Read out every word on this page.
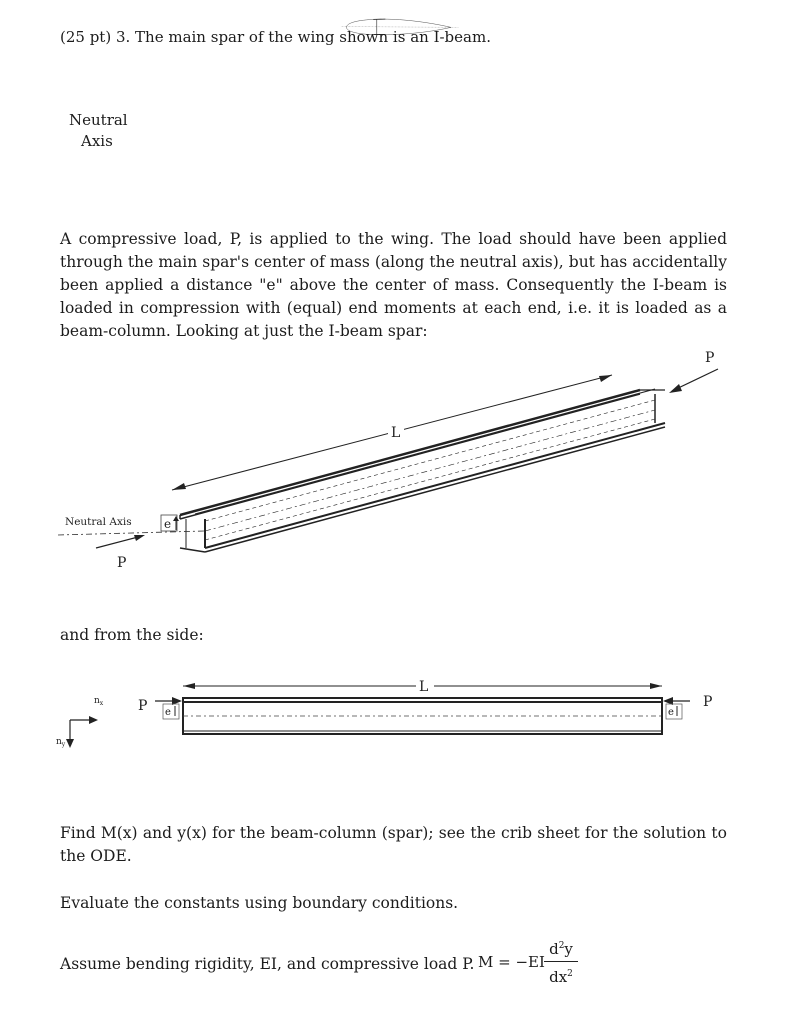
(25 pt) 3. The main spar of the wing shown is an I-beam.
Neutral
Axis
A compressive load, P, is applied to the wing. The load should have been applied through the main spar's center of mass (along the neutral axis), but has accidentally been applied a distance "e" above the center of mass. Consequently the I-beam is loaded in compression with (equal) end moments at each end, i.e. it is loaded as a beam-column. Looking at just the I-beam spar:
P
L
Neutral Axis	e
P
and from the side:
L
P	P
e	e
$n_x$
$n_y$
Find M(x) and y(x) for the beam-column (spar); see the crib sheet for the solution to the ODE.
Evaluate the constants using boundary conditions.
Assume bending rigidity, EI, and compressive load P. M = −EI
$d^2y$
$dx^2$
